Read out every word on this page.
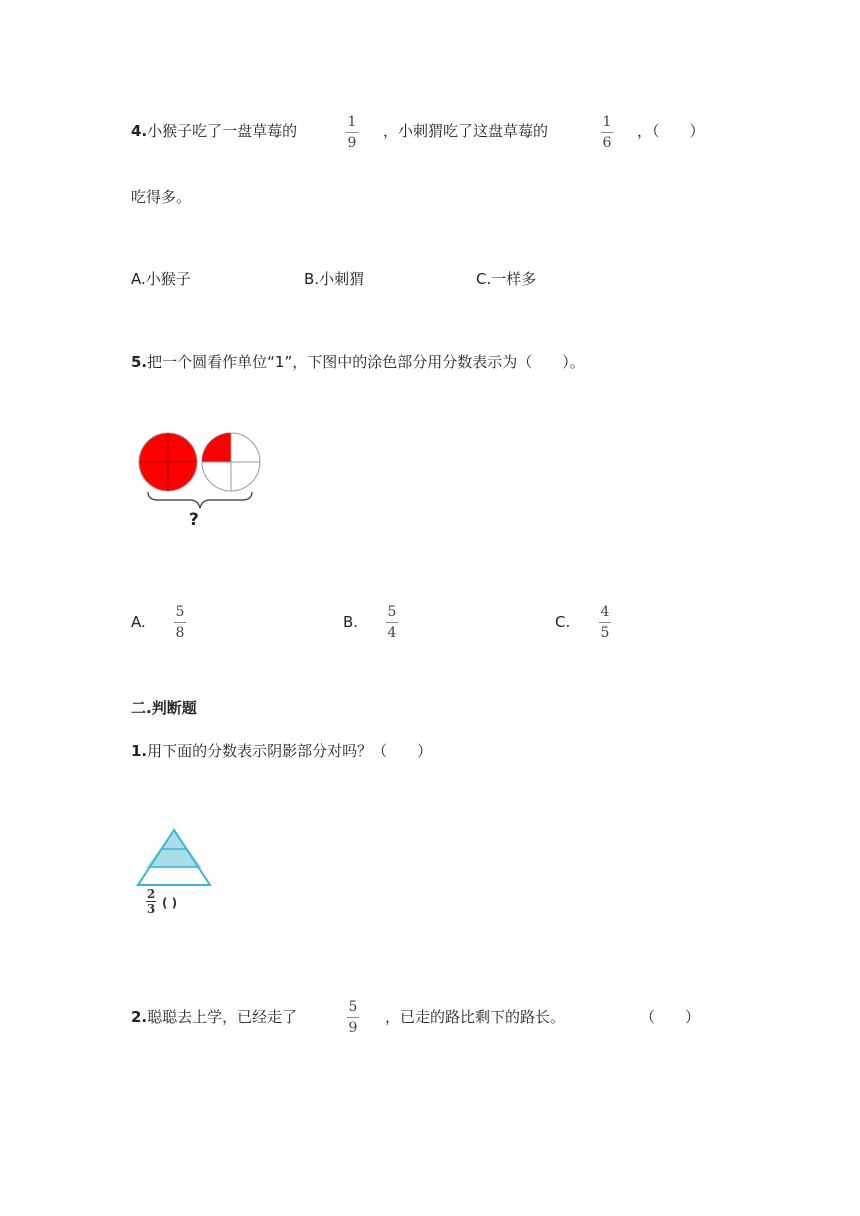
4.小猴子吃了一盘草莓的	1
9
，小刺猬吃了这盘草莓的	1
6
，（　　）
吃得多。
A.小猴子	B.小刺猬	C.一样多
5.把一个圆看作单位“1”，下图中的涂色部分用分数表示为（　　）。
?
A.
5
8
B.
5
4
C.
4
5
二.判断题
1.用下面的分数表示阴影部分对吗？（　　）
2
3 ( )
2.聪聪去上学，已经走了
5
9
，已走的路比剩下的路长。	（　　）
